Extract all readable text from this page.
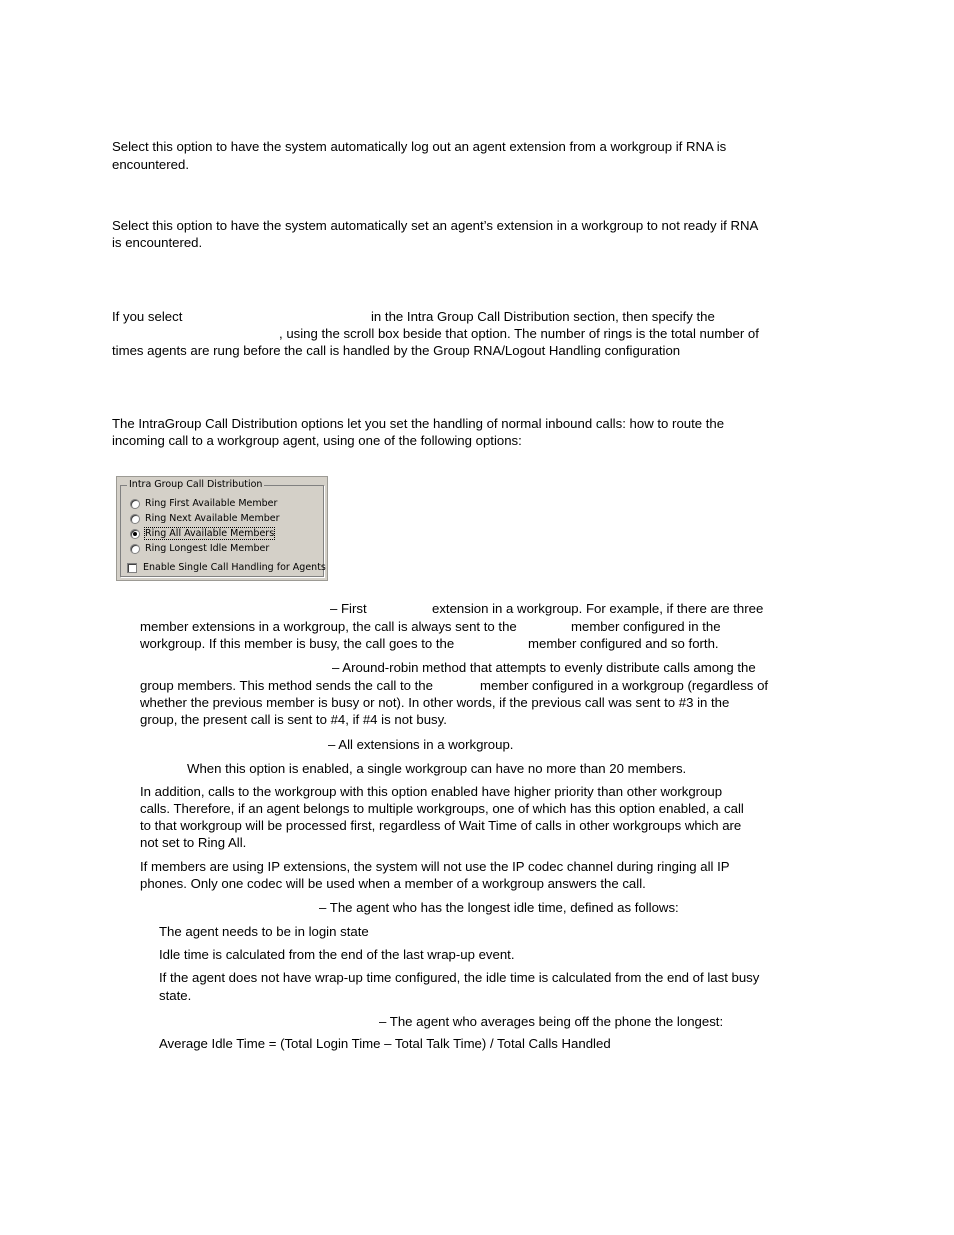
Select this option to have the system automatically log out an agent extension from a workgroup if RNA is
encountered.
Select this option to have the system automatically set an agent’s extension in a workgroup to not ready if RNA
is encountered.
If you select	in the Intra Group Call Distribution section, then specify the
, using the scroll box beside that option. The number of rings is the total number of
times agents are rung before the call is handled by the Group RNA/Logout Handling configuration
The IntraGroup Call Distribution options let you set the handling of normal inbound calls: how to route the
incoming call to a workgroup agent, using one of the following options:
Intra Group Call Distribution
Ring First Available Member
Ring Next Available Member
Ring All Available Members
Ring Longest Idle Member
Enable Single Call Handling for Agents
– First	extension in a workgroup. For example, if there are three
member extensions in a workgroup, the call is always sent to the	member configured in the
workgroup. If this member is busy, the call goes to the	member configured and so forth.
– Around-robin method that attempts to evenly distribute calls among the
group members. This method sends the call to the	member configured in a workgroup (regardless of
whether the previous member is busy or not). In other words, if the previous call was sent to #3 in the
group, the present call is sent to #4, if #4 is not busy.
– All extensions in a workgroup.
When this option is enabled, a single workgroup can have no more than 20 members.
In addition, calls to the workgroup with this option enabled have higher priority than other workgroup
calls. Therefore, if an agent belongs to multiple workgroups, one of which has this option enabled, a call
to that workgroup will be processed first, regardless of Wait Time of calls in other workgroups which are
not set to Ring All.
If members are using IP extensions, the system will not use the IP codec channel during ringing all IP
phones. Only one codec will be used when a member of a workgroup answers the call.
– The agent who has the longest idle time, defined as follows:
The agent needs to be in login state
Idle time is calculated from the end of the last wrap-up event.
If the agent does not have wrap-up time configured, the idle time is calculated from the end of last busy
state.
– The agent who averages being off the phone the longest:
Average Idle Time = (Total Login Time – Total Talk Time) / Total Calls Handled
